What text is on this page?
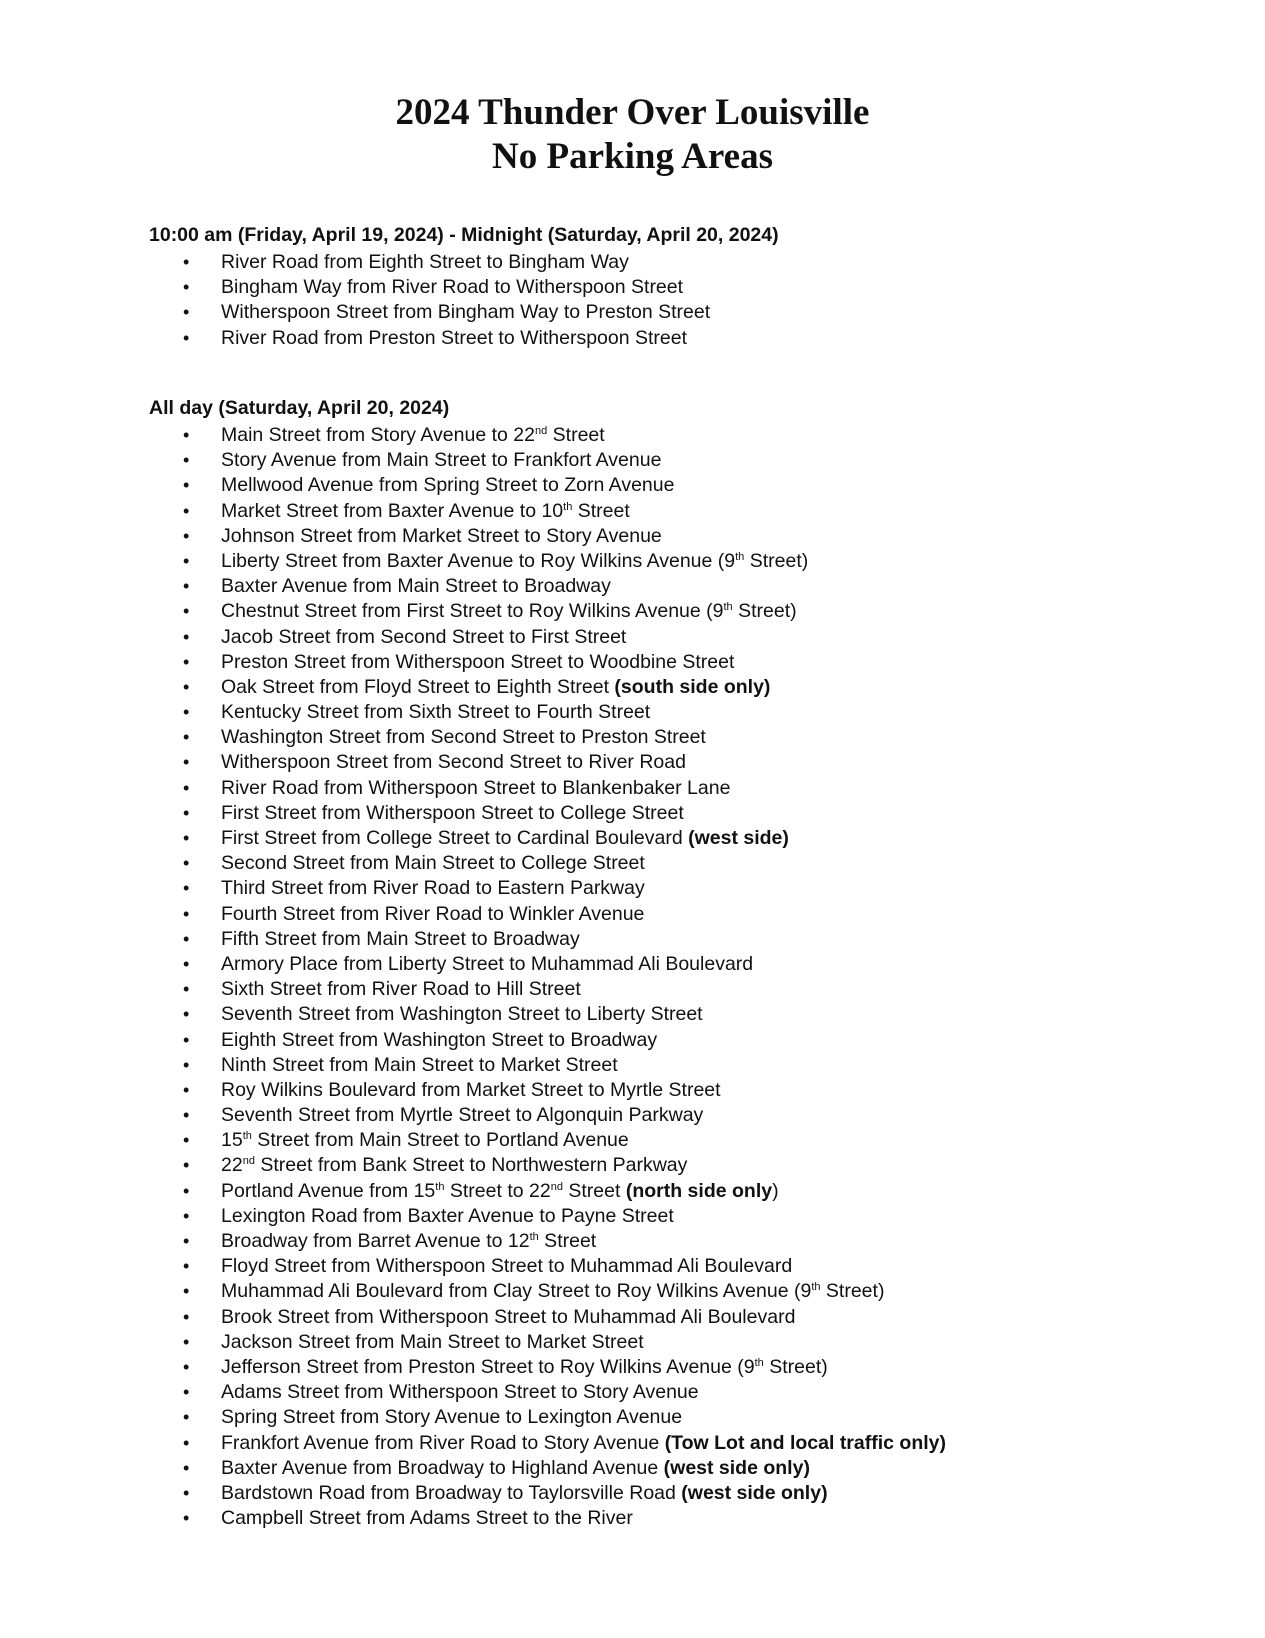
2024 Thunder Over Louisville
No Parking Areas
10:00 am (Friday, April 19, 2024) - Midnight (Saturday, April 20, 2024)
• River Road from Eighth Street to Bingham Way
• Bingham Way from River Road to Witherspoon Street
• Witherspoon Street from Bingham Way to Preston Street
• River Road from Preston Street to Witherspoon Street
All day (Saturday, April 20, 2024)
• Main Street from Story Avenue to 22nd Street
• Story Avenue from Main Street to Frankfort Avenue
• Mellwood Avenue from Spring Street to Zorn Avenue
• Market Street from Baxter Avenue to 10th Street
• Johnson Street from Market Street to Story Avenue
• Liberty Street from Baxter Avenue to Roy Wilkins Avenue (9th Street)
• Baxter Avenue from Main Street to Broadway
• Chestnut Street from First Street to Roy Wilkins Avenue (9th Street)
• Jacob Street from Second Street to First Street
• Preston Street from Witherspoon Street to Woodbine Street
• Oak Street from Floyd Street to Eighth Street (south side only)
• Kentucky Street from Sixth Street to Fourth Street
• Washington Street from Second Street to Preston Street
• Witherspoon Street from Second Street to River Road
• River Road from Witherspoon Street to Blankenbaker Lane
• First Street from Witherspoon Street to College Street
• First Street from College Street to Cardinal Boulevard (west side)
• Second Street from Main Street to College Street
• Third Street from River Road to Eastern Parkway
• Fourth Street from River Road to Winkler Avenue
• Fifth Street from Main Street to Broadway
• Armory Place from Liberty Street to Muhammad Ali Boulevard
• Sixth Street from River Road to Hill Street
• Seventh Street from Washington Street to Liberty Street
• Eighth Street from Washington Street to Broadway
• Ninth Street from Main Street to Market Street
• Roy Wilkins Boulevard from Market Street to Myrtle Street
• Seventh Street from Myrtle Street to Algonquin Parkway
• 15th Street from Main Street to Portland Avenue
• 22nd Street from Bank Street to Northwestern Parkway
• Portland Avenue from 15th Street to 22nd Street (north side only)
• Lexington Road from Baxter Avenue to Payne Street
• Broadway from Barret Avenue to 12th Street
• Floyd Street from Witherspoon Street to Muhammad Ali Boulevard
• Muhammad Ali Boulevard from Clay Street to Roy Wilkins Avenue (9th Street)
• Brook Street from Witherspoon Street to Muhammad Ali Boulevard
• Jackson Street from Main Street to Market Street
• Jefferson Street from Preston Street to Roy Wilkins Avenue (9th Street)
• Adams Street from Witherspoon Street to Story Avenue
• Spring Street from Story Avenue to Lexington Avenue
• Frankfort Avenue from River Road to Story Avenue (Tow Lot and local traffic only)
• Baxter Avenue from Broadway to Highland Avenue (west side only)
• Bardstown Road from Broadway to Taylorsville Road (west side only)
• Campbell Street from Adams Street to the River
